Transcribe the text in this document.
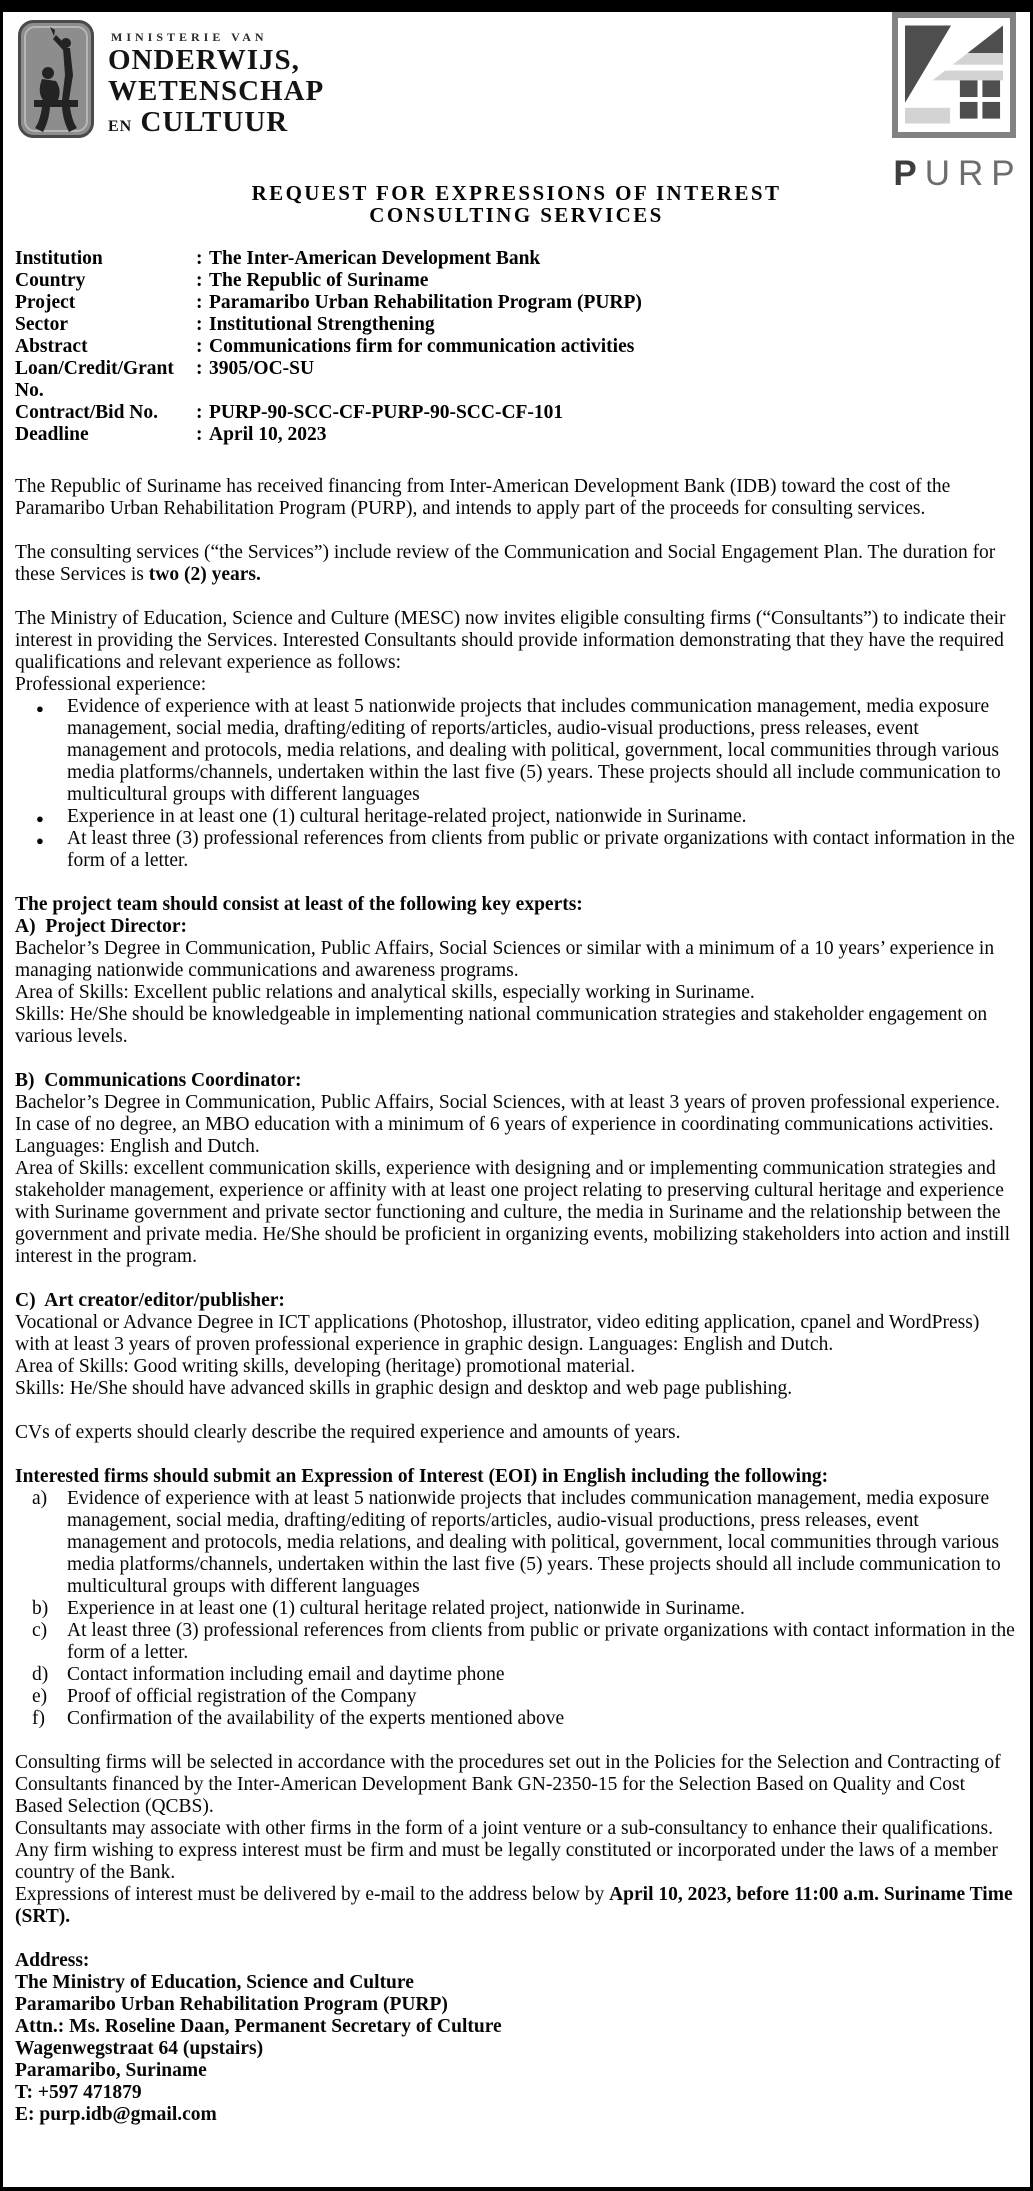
MINISTERIE VAN
ONDERWIJS,
WETENSCHAP
EN CULTUUR
PURP
REQUEST FOR EXPRESSIONS OF INTEREST
CONSULTING SERVICES
Institution	: The Inter-American Development Bank
Country	: The Republic of Suriname
Project	: Paramaribo Urban Rehabilitation Program (PURP)
Sector	: Institutional Strengthening
Abstract	: Communications firm for communication activities
Loan/Credit/Grant No.
: 3905/OC-SU
Contract/Bid No.	: PURP-90-SCC-CF-PURP-90-SCC-CF-101
Deadline	: April 10, 2023
The Republic of Suriname has received financing from Inter-American Development Bank (IDB) toward the cost of the Paramaribo Urban Rehabilitation Program (PURP), and intends to apply part of the proceeds for consulting services.
The consulting services (“the Services”) include review of the Communication and Social Engagement Plan. The duration for these Services is two (2) years.
The Ministry of Education, Science and Culture (MESC) now invites eligible consulting firms (“Consultants”) to indicate their interest in providing the Services. Interested Consultants should provide information demonstrating that they have the required qualifications and relevant experience as follows:
Professional experience:
● Evidence of experience with at least 5 nationwide projects that includes communication management, media exposure management, social media, drafting/editing of reports/articles, audio-visual productions, press releases, event management and protocols, media relations, and dealing with political, government, local communities through various media platforms/channels, undertaken within the last five (5) years. These projects should all include communication to multicultural groups with different languages
● Experience in at least one (1) cultural heritage-related project, nationwide in Suriname.
● At least three (3) professional references from clients from public or private organizations with contact information in the form of a letter.
The project team should consist at least of the following key experts:
A)  Project Director:
Bachelor’s Degree in Communication, Public Affairs, Social Sciences or similar with a minimum of a 10 years’ experience in managing nationwide communications and awareness programs.
Area of Skills: Excellent public relations and analytical skills, especially working in Suriname.
Skills: He/She should be knowledgeable in implementing national communication strategies and stakeholder engagement on various levels.
B)  Communications Coordinator:
Bachelor’s Degree in Communication, Public Affairs, Social Sciences, with at least 3 years of proven professional experience. In case of no degree, an MBO education with a minimum of 6 years of experience in coordinating communications activities. Languages: English and Dutch.
Area of Skills: excellent communication skills, experience with designing and or implementing communication strategies and stakeholder management, experience or affinity with at least one project relating to preserving cultural heritage and experience with Suriname government and private sector functioning and culture, the media in Suriname and the relationship between the government and private media. He/She should be proficient in organizing events, mobilizing stakeholders into action and instill interest in the program.
C)  Art creator/editor/publisher:
Vocational or Advance Degree in ICT applications (Photoshop, illustrator, video editing application, cpanel and WordPress) with at least 3 years of proven professional experience in graphic design. Languages: English and Dutch.
Area of Skills: Good writing skills, developing (heritage) promotional material.
Skills: He/She should have advanced skills in graphic design and desktop and web page publishing.
CVs of experts should clearly describe the required experience and amounts of years.
Interested firms should submit an Expression of Interest (EOI) in English including the following:
a) Evidence of experience with at least 5 nationwide projects that includes communication management, media exposure management, social media, drafting/editing of reports/articles, audio-visual productions, press releases, event management and protocols, media relations, and dealing with political, government, local communities through various media platforms/channels, undertaken within the last five (5) years. These projects should all include communication to multicultural groups with different languages
b) Experience in at least one (1) cultural heritage related project, nationwide in Suriname.
c) At least three (3) professional references from clients from public or private organizations with contact information in the form of a letter.
d) Contact information including email and daytime phone
e) Proof of official registration of the Company
f) Confirmation of the availability of the experts mentioned above
Consulting firms will be selected in accordance with the procedures set out in the Policies for the Selection and Contracting of Consultants financed by the Inter-American Development Bank GN-2350-15 for the Selection Based on Quality and Cost Based Selection (QCBS).
Consultants may associate with other firms in the form of a joint venture or a sub-consultancy to enhance their qualifications. Any firm wishing to express interest must be firm and must be legally constituted or incorporated under the laws of a member country of the Bank.
Expressions of interest must be delivered by e-mail to the address below by April 10, 2023, before 11:00 a.m. Suriname Time (SRT).
Address:
The Ministry of Education, Science and Culture
Paramaribo Urban Rehabilitation Program (PURP)
Attn.: Ms. Roseline Daan, Permanent Secretary of Culture
Wagenwegstraat 64 (upstairs)
Paramaribo, Suriname
T: +597 471879
E: purp.idb@gmail.com
